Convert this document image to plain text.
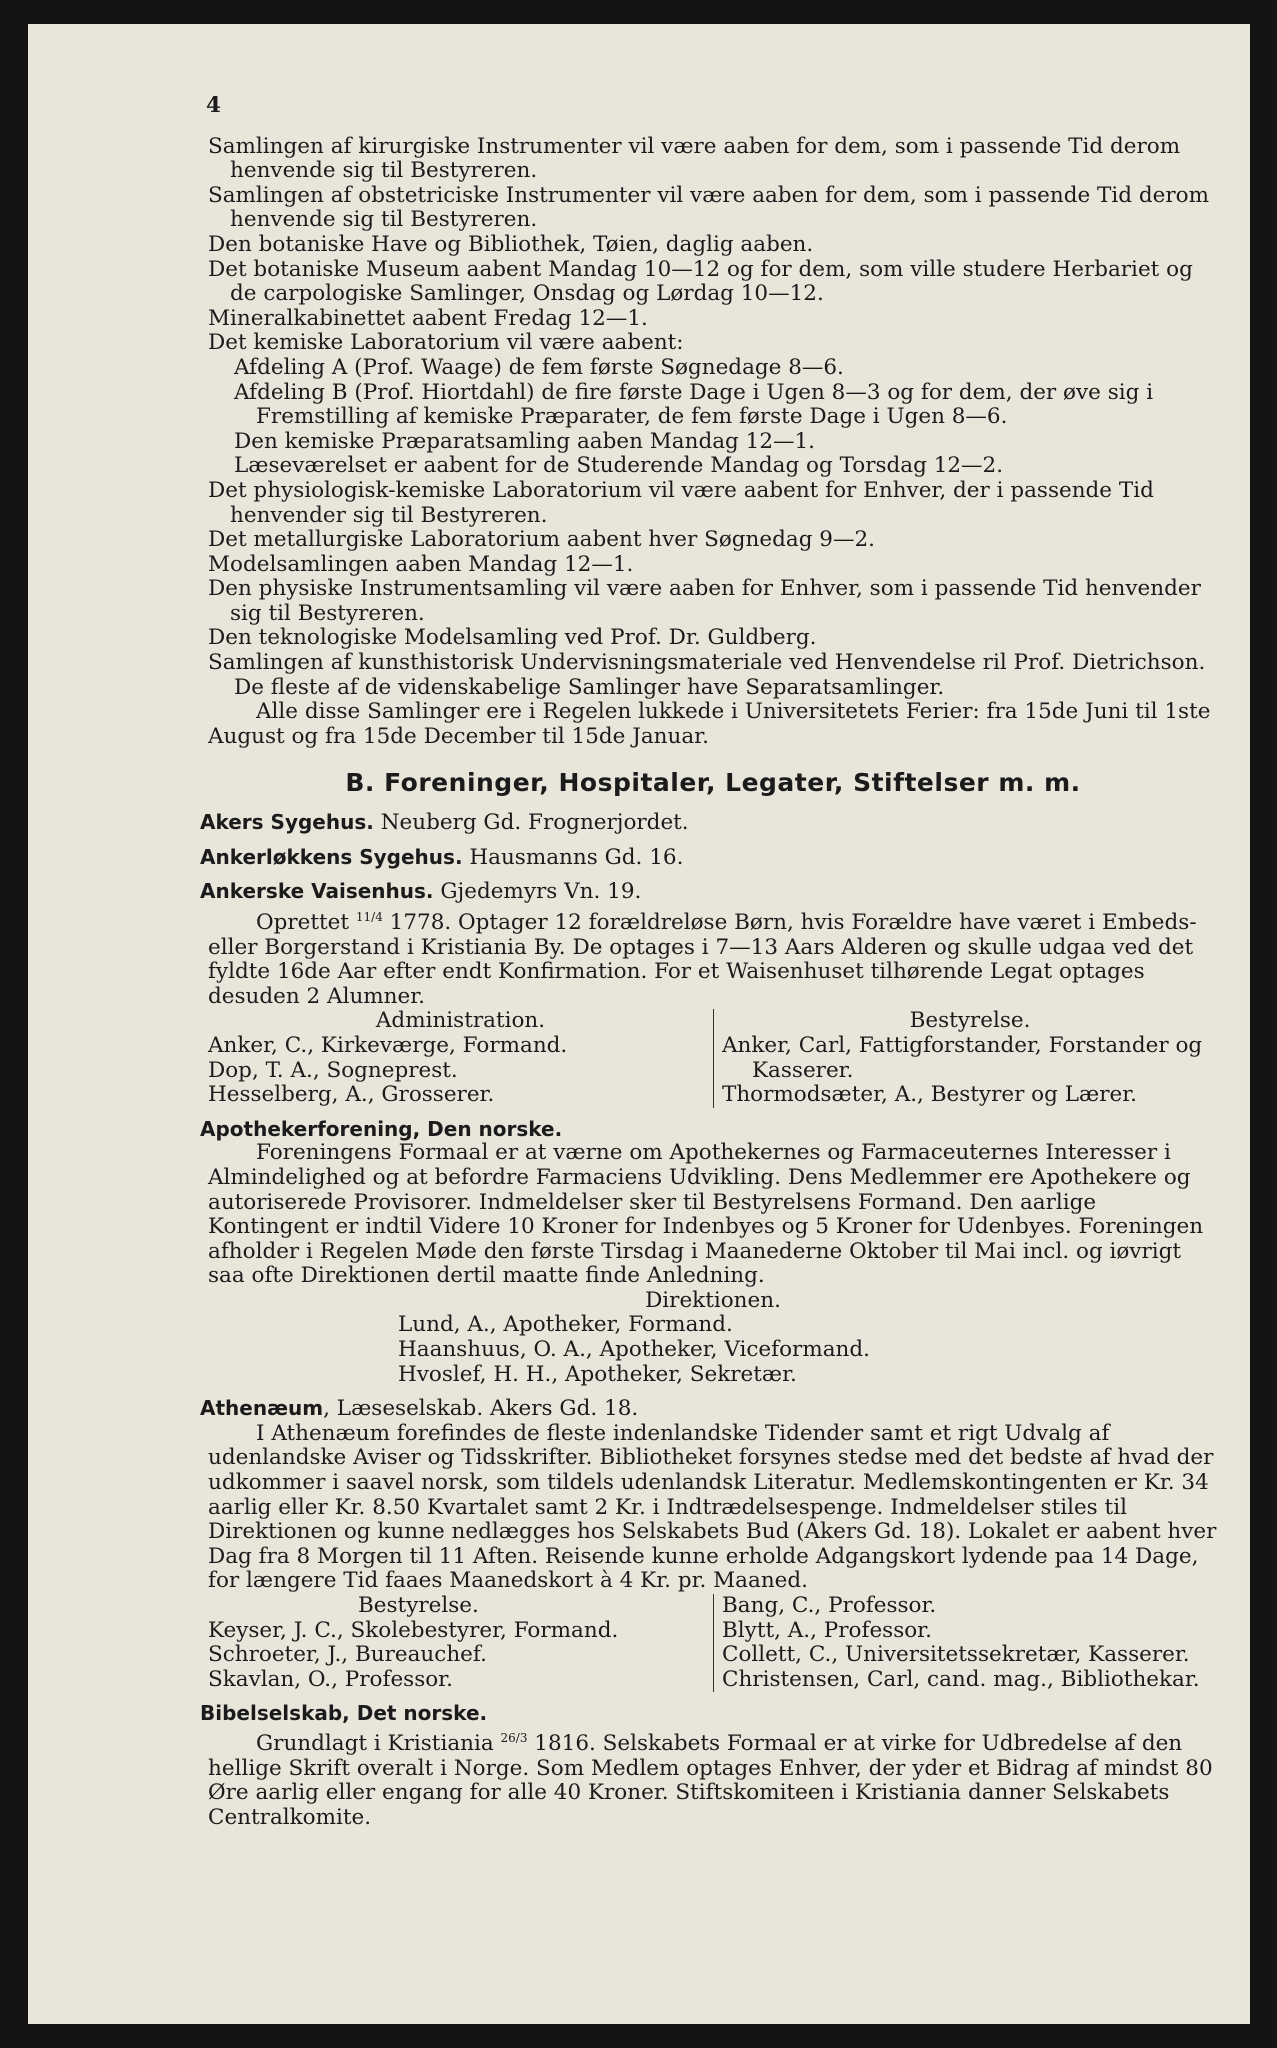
4
Samlingen af kirurgiske Instrumenter vil være aaben for dem, som i passende Tid derom henvende sig til Bestyreren.
Samlingen af obstetriciske Instrumenter vil være aaben for dem, som i passende Tid derom henvende sig til Bestyreren.
Den botaniske Have og Bibliothek, Tøien, daglig aaben.
Det botaniske Museum aabent Mandag 10—12 og for dem, som ville studere Herbariet og de carpologiske Samlinger, Onsdag og Lørdag 10—12.
Mineralkabinettet aabent Fredag 12—1.
Det kemiske Laboratorium vil være aabent:
Afdeling A (Prof. Waage) de fem første Søgnedage 8—6.
Afdeling B (Prof. Hiortdahl) de fire første Dage i Ugen 8—3 og for dem, der øve sig i Fremstilling af kemiske Præparater, de fem første Dage i Ugen 8—6.
Den kemiske Præparatsamling aaben Mandag 12—1.
Læseværelset er aabent for de Studerende Mandag og Torsdag 12—2.
Det physiologisk-kemiske Laboratorium vil være aabent for Enhver, der i passende Tid henvender sig til Bestyreren.
Det metallurgiske Laboratorium aabent hver Søgnedag 9—2.
Modelsamlingen aaben Mandag 12—1.
Den physiske Instrumentsamling vil være aaben for Enhver, som i passende Tid henvender sig til Bestyreren.
Den teknologiske Modelsamling ved Prof. Dr. Guldberg.
Samlingen af kunsthistorisk Undervisningsmateriale ved Henvendelse ril Prof. Dietrichson.
De fleste af de videnskabelige Samlinger have Separatsamlinger.
Alle disse Samlinger ere i Regelen lukkede i Universitetets Ferier: fra 15de Juni til 1ste August og fra 15de December til 15de Januar.
B. Foreninger, Hospitaler, Legater, Stiftelser m. m.
Akers Sygehus. Neuberg Gd. Frognerjordet.
Ankerløkkens Sygehus. Hausmanns Gd. 16.
Ankerske Vaisenhus. Gjedemyrs Vn. 19.
Oprettet $^{11/4}$ 1778. Optager 12 forældreløse Børn, hvis Forældre have været i Embeds- eller Borgerstand i Kristiania By. De optages i 7—13 Aars Alderen og skulle udgaa ved det fyldte 16de Aar efter endt Konfirmation. For et Waisenhuset tilhørende Legat optages desuden 2 Alumner.
Administration.
Anker, C., Kirkeværge, Formand.
Dop, T. A., Sogneprest.
Hesselberg, A., Grosserer.
Bestyrelse.
Anker, Carl, Fattigforstander, Forstander og Kasserer.
Thormodsæter, A., Bestyrer og Lærer.
Apothekerforening, Den norske.
Foreningens Formaal er at værne om Apothekernes og Farmaceuternes Interesser i Almindelighed og at befordre Farmaciens Udvikling. Dens Medlemmer ere Apothekere og autoriserede Provisorer. Indmeldelser sker til Bestyrelsens Formand. Den aarlige Kontingent er indtil Videre 10 Kroner for Indenbyes og 5 Kroner for Udenbyes. Foreningen afholder i Regelen Møde den første Tirsdag i Maanederne Oktober til Mai incl. og iøvrigt saa ofte Direktionen dertil maatte finde Anledning.
Direktionen.
Lund, A., Apotheker, Formand.
Haanshuus, O. A., Apotheker, Viceformand.
Hvoslef, H. H., Apotheker, Sekretær.
Athenæum, Læseselskab. Akers Gd. 18.
I Athenæum forefindes de fleste indenlandske Tidender samt et rigt Udvalg af udenlandske Aviser og Tidsskrifter. Bibliotheket forsynes stedse med det bedste af hvad der udkommer i saavel norsk, som tildels udenlandsk Literatur. Medlemskontingenten er Kr. 34 aarlig eller Kr. 8.50 Kvartalet samt 2 Kr. i Indtrædelsespenge. Indmeldelser stiles til Direktionen og kunne nedlægges hos Selskabets Bud (Akers Gd. 18). Lokalet er aabent hver Dag fra 8 Morgen til 11 Aften. Reisende kunne erholde Adgangskort lydende paa 14 Dage, for længere Tid faaes Maanedskort à 4 Kr. pr. Maaned.
Bestyrelse.
Keyser, J. C., Skolebestyrer, Formand.
Schroeter, J., Bureauchef.
Skavlan, O., Professor.
Bang, C., Professor.
Blytt, A., Professor.
Collett, C., Universitetssekretær, Kasserer.
Christensen, Carl, cand. mag., Bibliothekar.
Bibelselskab, Det norske.
Grundlagt i Kristiania $^{26/3}$ 1816. Selskabets Formaal er at virke for Udbredelse af den hellige Skrift overalt i Norge. Som Medlem optages Enhver, der yder et Bidrag af mindst 80 Øre aarlig eller engang for alle 40 Kroner. Stiftskomiteen i Kristiania danner Selskabets Centralkomite.
